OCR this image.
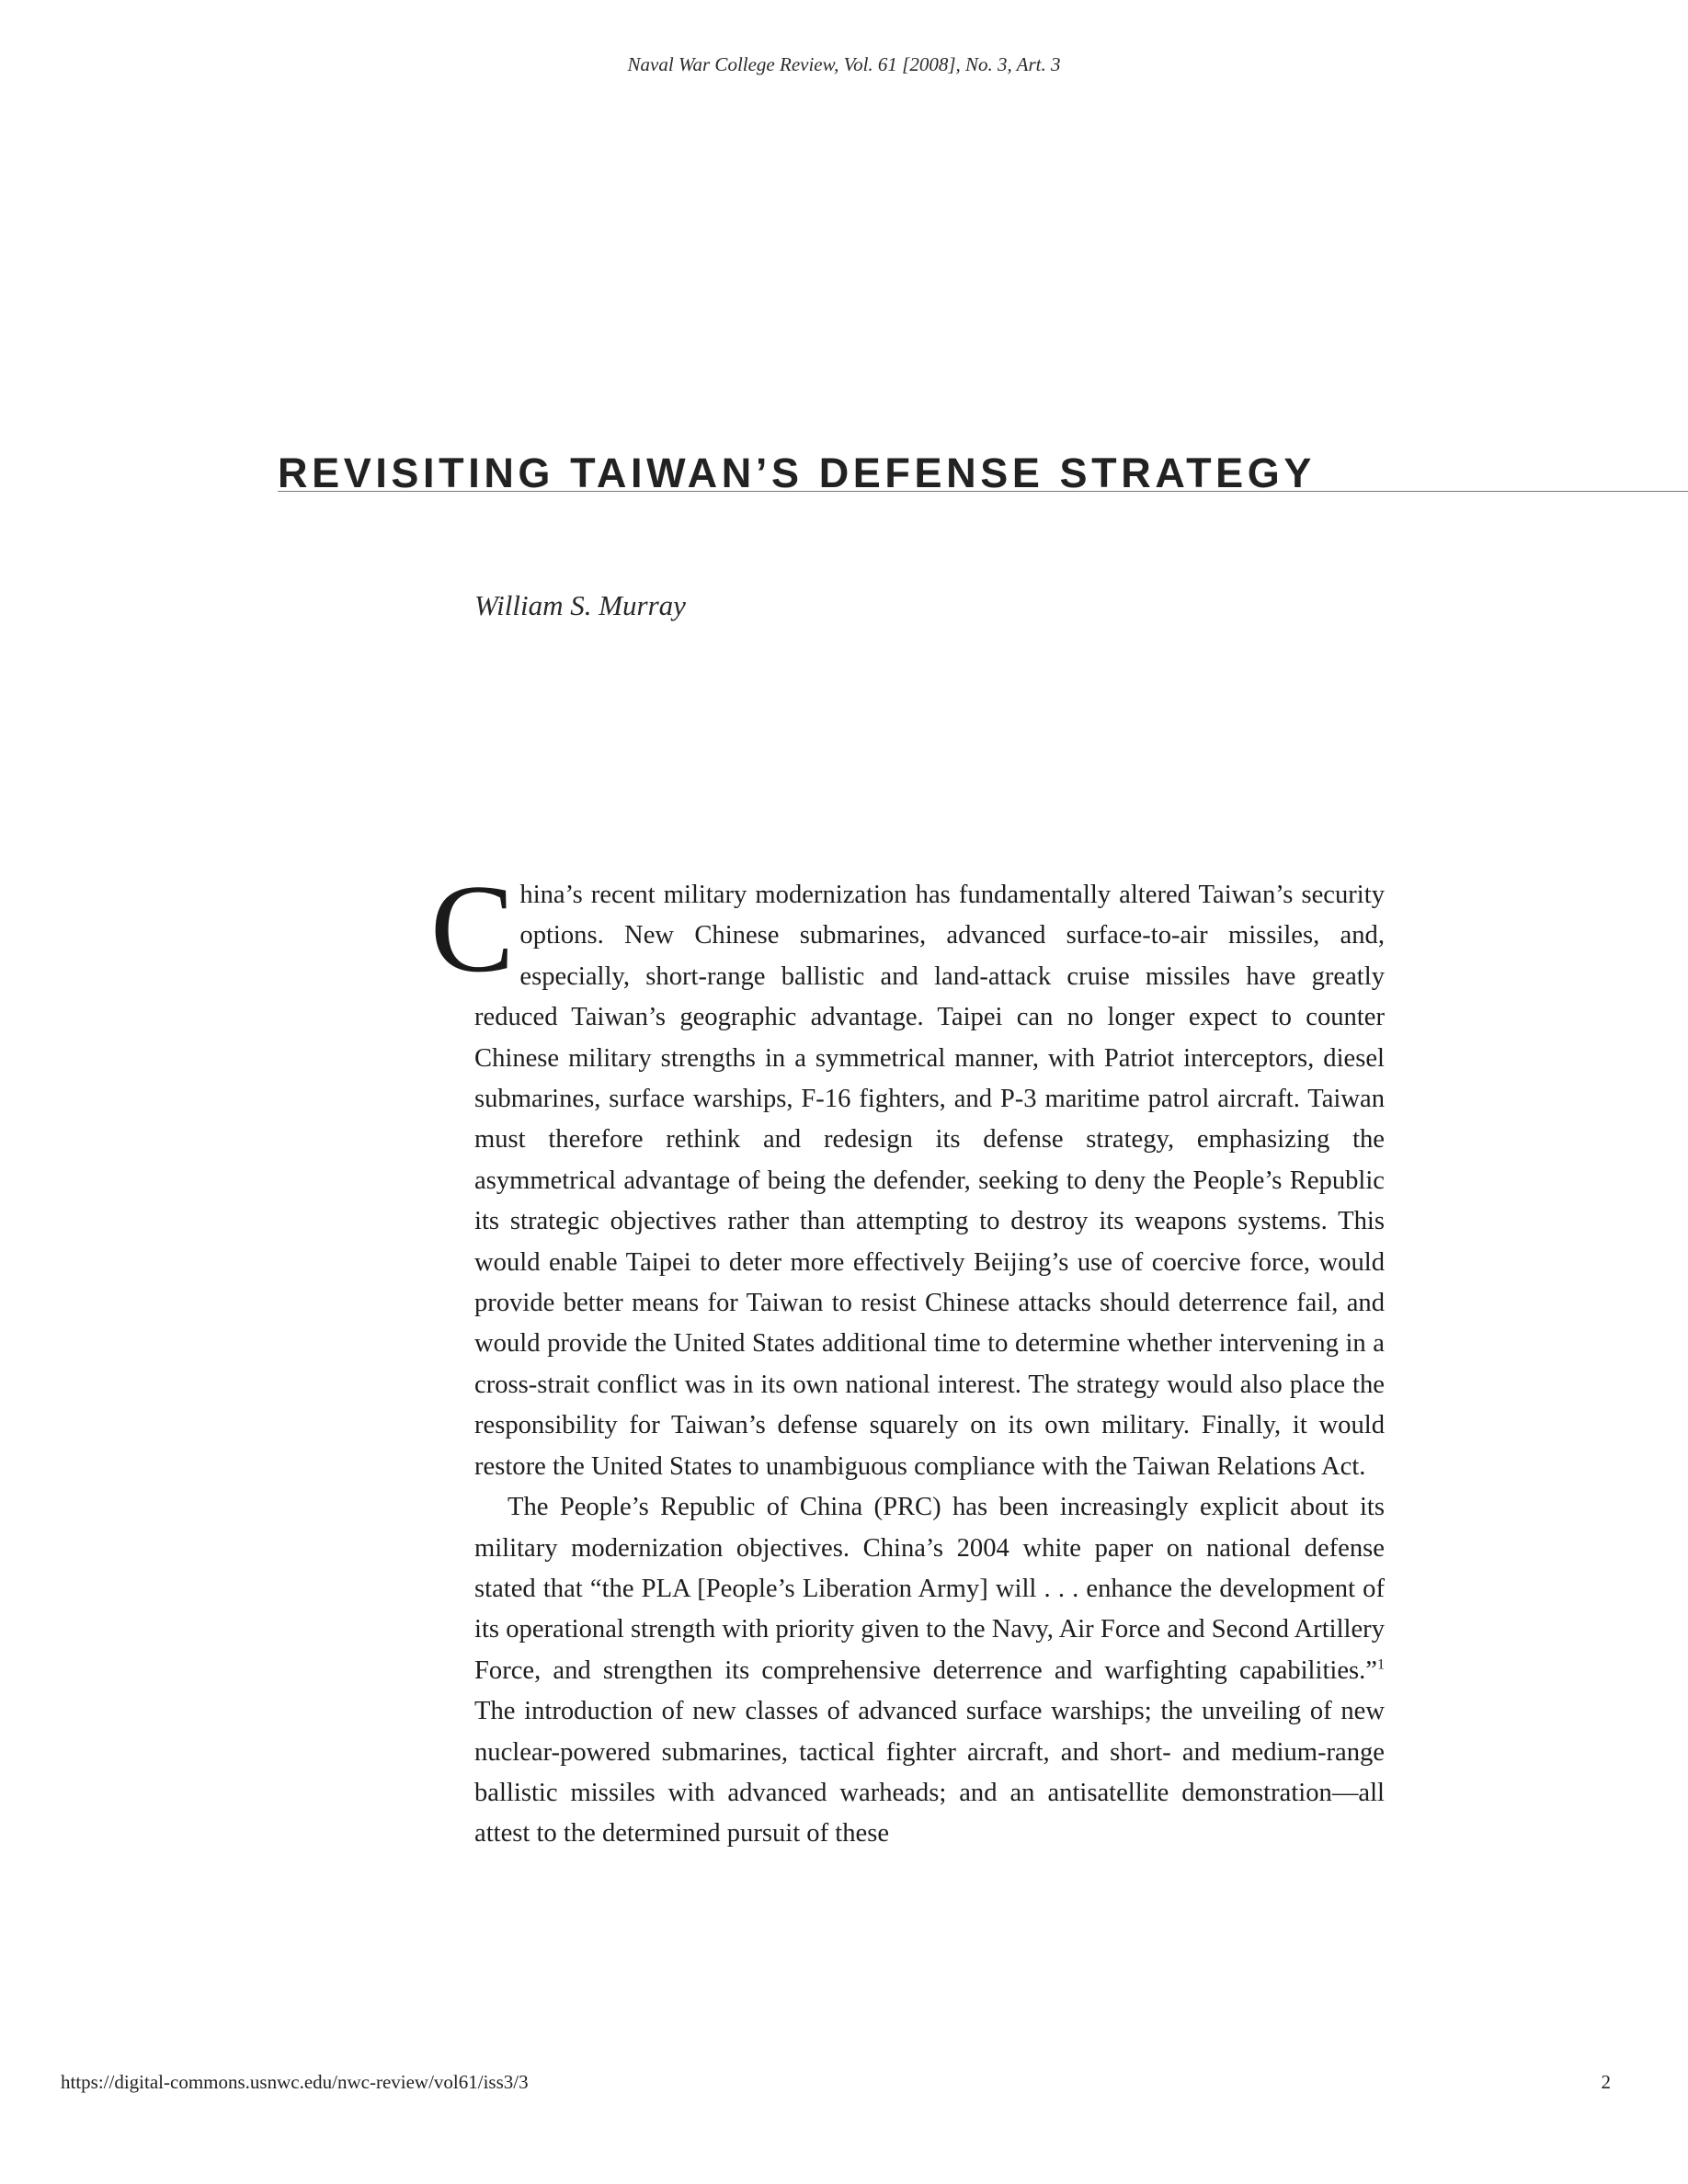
Naval War College Review, Vol. 61 [2008], No. 3, Art. 3
REVISITING TAIWAN’S DEFENSE STRATEGY
William S. Murray

China’s recent military modernization has fundamentally altered Taiwan’s security options. New Chinese submarines, advanced surface-to-air missiles, and, especially, short-range ballistic and land-attack cruise missiles have greatly reduced Taiwan’s geographic advantage. Taipei can no longer expect to counter Chinese military strengths in a symmetrical manner, with Patriot interceptors, diesel submarines, surface warships, F-16 fighters, and P-3 maritime patrol aircraft. Taiwan must therefore rethink and redesign its defense strategy, emphasizing the asymmetrical advantage of being the defender, seeking to deny the People’s Republic its strategic objectives rather than attempting to destroy its weapons systems. This would enable Taipei to deter more effectively Beijing’s use of coercive force, would provide better means for Taiwan to resist Chinese attacks should deterrence fail, and would provide the United States additional time to determine whether intervening in a cross-strait conflict was in its own national interest. The strategy would also place the responsibility for Taiwan’s defense squarely on its own military. Finally, it would restore the United States to unambiguous compliance with the Taiwan Relations Act.

The People’s Republic of China (PRC) has been increasingly explicit about its military modernization objectives. China’s 2004 white paper on national defense stated that “the PLA [People’s Liberation Army] will . . . enhance the development of its operational strength with priority given to the Navy, Air Force and Second Artillery Force, and strengthen its comprehensive deterrence and warfighting capabilities.”$^1$ The introduction of new classes of advanced surface warships; the unveiling of new nuclear-powered submarines, tactical fighter aircraft, and short- and medium-range ballistic missiles with advanced warheads; and an antisatellite demonstration—all attest to the determined pursuit of these

https://digital-commons.usnwc.edu/nwc-review/vol61/iss3/3	2
